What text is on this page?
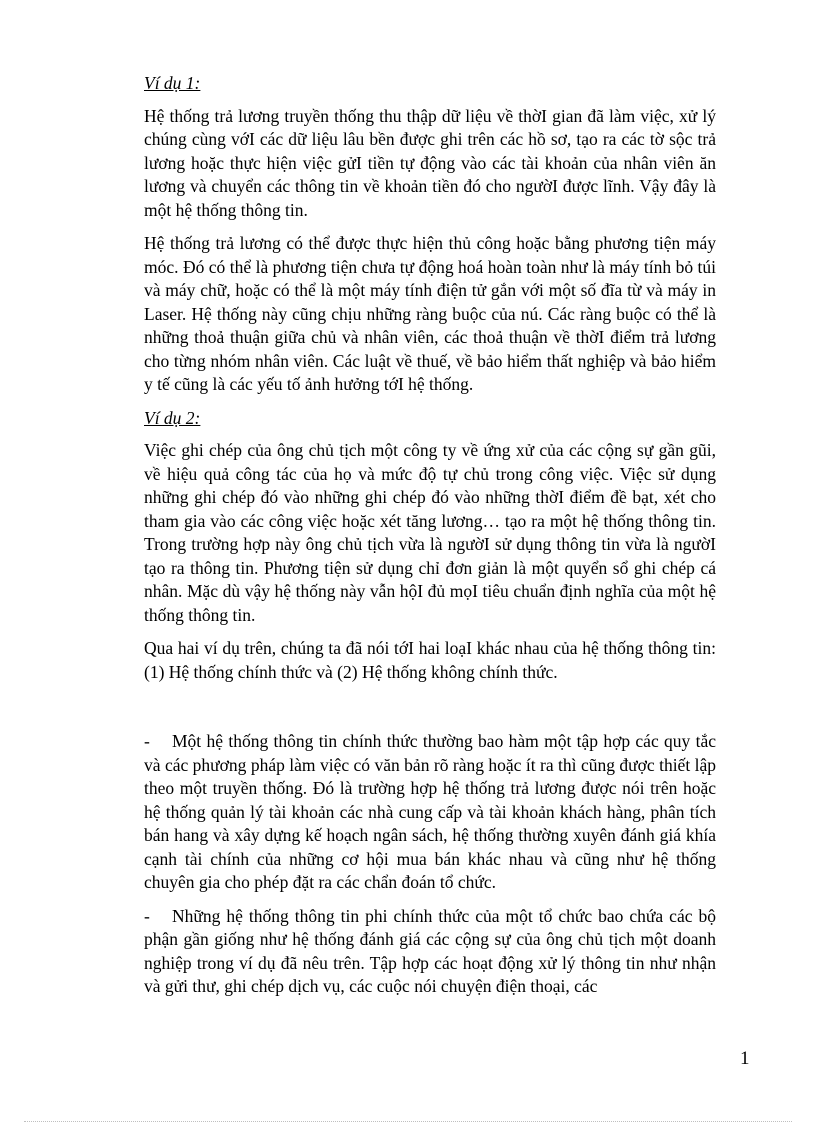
Ví dụ 1:

Hệ thống trả lương truyền thống thu thập dữ liệu về thờI gian đã làm việc, xử lý chúng cùng vớI các dữ liệu lâu bền được ghi trên các hồ sơ, tạo ra các tờ sộc trả lương hoặc thực hiện việc gửI tiền tự động vào các tài khoản của nhân viên ăn lương và chuyển các thông tin về khoản tiền đó cho ngườI được lĩnh. Vậy đây là một hệ thống thông tin.

Hệ thống trả lương có thể được thực hiện thủ công hoặc bằng phương tiện máy móc. Đó có thể là phương tiện chưa tự động hoá hoàn toàn như là máy tính bỏ túi và máy chữ, hoặc có thể là một máy tính điện tử gắn với một số đĩa từ và máy in Laser. Hệ thống này cũng chịu những ràng buộc của nú. Các ràng buộc có thể là những thoả thuận giữa chủ và nhân viên, các thoả thuận về thờI điểm trả lương cho từng nhóm nhân viên. Các luật về thuế, về bảo hiểm thất nghiệp và bảo hiểm y tế cũng là các yếu tố ảnh hưởng tớI hệ thống.

Ví dụ 2:

Việc ghi chép của ông chủ tịch một công ty về ứng xử của các cộng sự gần gũi, về hiệu quả công tác của họ và mức độ tự chủ trong công việc. Việc sử dụng những ghi chép đó vào những ghi chép đó vào những thờI điểm đề bạt, xét cho tham gia vào các công việc hoặc xét tăng lương… tạo ra một hệ thống thông tin. Trong trường hợp này ông chủ tịch vừa là ngườI sử dụng thông tin vừa là ngườI tạo ra thông tin. Phương tiện sử dụng chỉ đơn giản là một quyển sổ ghi chép cá nhân. Mặc dù vậy hệ thống này vẫn hộI đủ mọI tiêu chuẩn định nghĩa của một hệ thống thông tin.

Qua hai ví dụ trên, chúng ta đã nói tớI hai loạI khác nhau của hệ thống thông tin:(1) Hệ thống chính thức và (2) Hệ thống không chính thức.

- Một hệ thống thông tin chính thức thường bao hàm một tập hợp các quy tắc và các phương pháp làm việc có văn bản rõ ràng hoặc ít ra thì cũng được thiết lập theo một truyền thống. Đó là trường hợp hệ thống trả lương được nói trên hoặc hệ thống quản lý tài khoản các nhà cung cấp và tài khoản khách hàng, phân tích bán hang và xây dựng kế hoạch ngân sách, hệ thống thường xuyên đánh giá khía cạnh tài chính của những cơ hội mua bán khác nhau và cũng như hệ thống chuyên gia cho phép đặt ra các chẩn đoán tổ chức.

- Những hệ thống thông tin phi chính thức của một tổ chức bao chứa các bộ phận gần giống như hệ thống đánh giá các cộng sự của ông chủ tịch một doanh nghiệp trong ví dụ đã nêu trên. Tập hợp các hoạt động xử lý thông tin như nhận và gửi thư, ghi chép dịch vụ, các cuộc nói chuyện điện thoại, các

1
